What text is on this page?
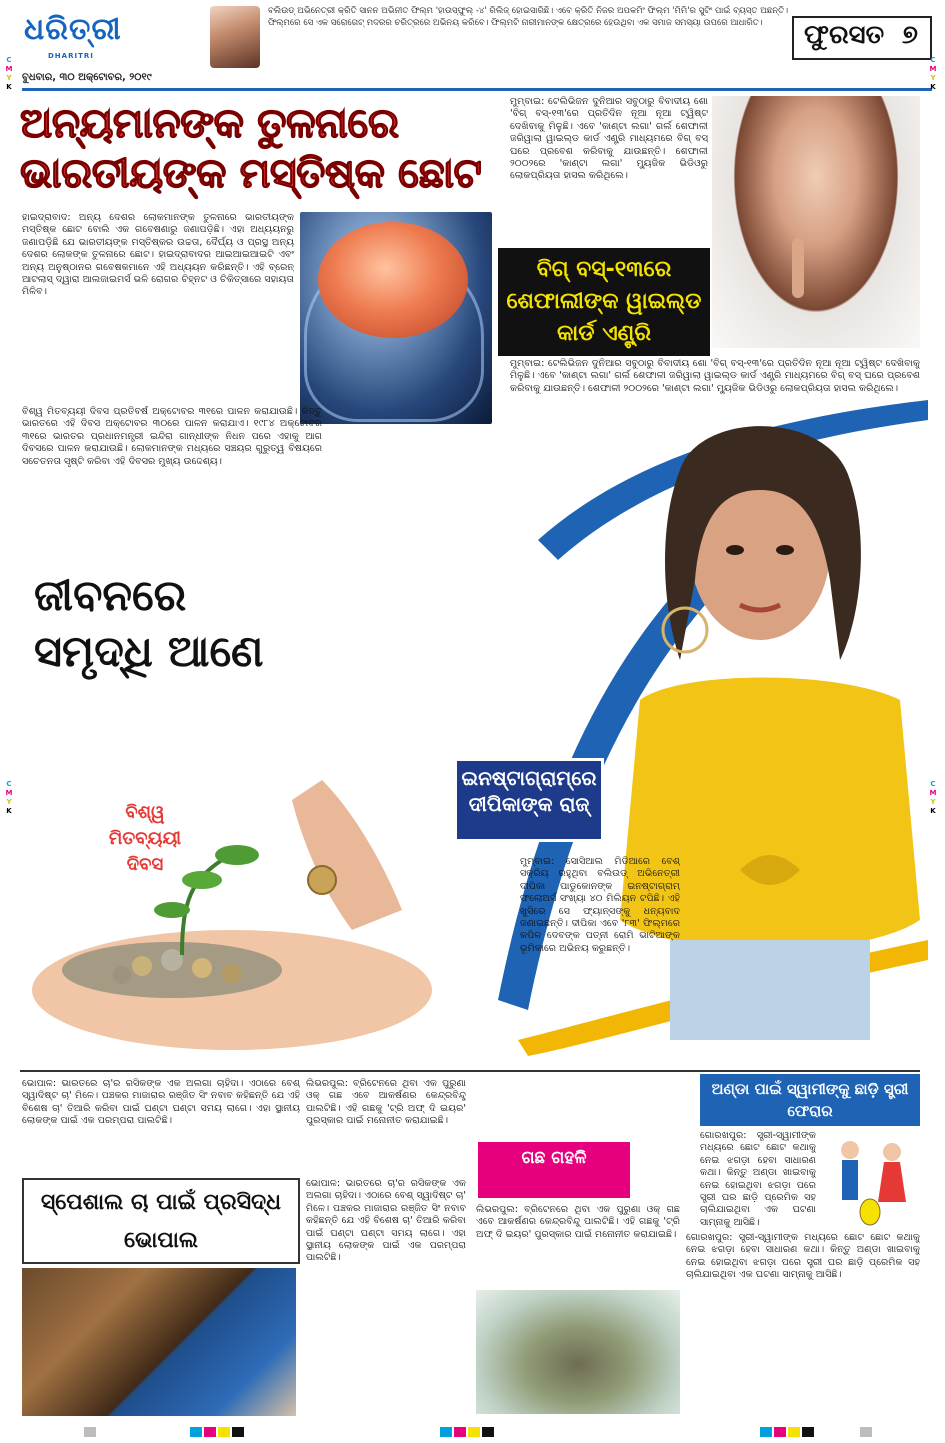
ଧରିତ୍ରୀ
DHARITRI
ବୁଧବାର, ୩୦ ଅକ୍ଟୋବର, ୨୦୧୯
ବଲିଉଡ୍ ଅଭିନେତ୍ରୀ କ୍ରିତି ସାନନ ଅଭିନୀତ ଫିଲ୍ମ 'ହାଉସ୍‌ଫୁଲ୍ -୪' ରିଲିଜ୍ ହୋଇସାରିଛି। ଏବେ କ୍ରିତି ନିଜର ଅପକମିଂ ଫିଲ୍ମ 'ମିମି'ର ସୁଟିଂ ପାଇଁ ବ୍ୟସ୍ତ ଅଛନ୍ତି। ଫିଲ୍ମରେ ସେ ଏକ ସରୋଗେଟ୍ ମଦରର ଚରିତ୍ରରେ ଅଭିନୟ କରିବେ। ଫିଲ୍ମଟି ନାରୀମାନଙ୍କ କ୍ଷେତ୍ରରେ ହେଉଥିବା ଏକ ସମାଜ ସମସ୍ୟା ଉପରେ ଆଧାରିତ।	ଫୁରସତ ୭
C
M
Y
K
C
M
Y
K
C
M
Y
K
C
M
Y
K
ଅନ୍ୟମାନଙ୍କ ତୁଳନାରେ ଭାରତୀୟଙ୍କ ମସ୍ତିଷ୍କ ଛୋଟ
ହାଇଦ୍ରାବାଦ: ଅନ୍ୟ ଦେଶର ଲୋକମାନଙ୍କ ତୁଳନାରେ ଭାରତୀୟଙ୍କ ମସ୍ତିଷ୍କ ଛୋଟ ବୋଲି ଏକ ଗବେଷଣାରୁ ଜଣାପଡ଼ିଛି। ଏହା ଅଧ୍ୟୟନରୁ ଜଣାପଡ଼ିଛି ଯେ ଭାରତୀୟଙ୍କ ମସ୍ତିଷ୍କର ଉଚ୍ଚତା, ଦୈର୍ଘ୍ୟ ଓ ପ୍ରସ୍ଥ ଅନ୍ୟ ଦେଶର ଲୋକଙ୍କ ତୁଳନାରେ ଛୋଟ। ହାଇଦ୍ରାବାଦର ଆଇଆଇଆଇଟି ଏବଂ ଅନ୍ୟ ଅନୁଷ୍ଠାନର ଗବେଷକମାନେ ଏହି ଅଧ୍ୟୟନ କରିଛନ୍ତି। ଏହି ବ୍ରେନ୍ ଆଟଲାସ୍ ଦ୍ୱାରା ଆଲଜାଇମର୍ସ ଭଳି ରୋଗର ଚିହ୍ନଟ ଓ ଚିକିତ୍ସାରେ ସହାୟତା ମିଳିବ।
ବିଶ୍ୱ ମିତବ୍ୟୟୀ ଦିବସ ପ୍ରତିବର୍ଷ ଅକ୍ଟୋବର ୩୧ରେ ପାଳନ କରାଯାଉଛି। କିନ୍ତୁ ଭାରତରେ ଏହି ଦିବସ ଅକ୍ଟୋବର ୩୦ରେ ପାଳନ କରାଯାଏ। ୧୯୮୪ ଅକ୍ଟୋବର ୩୧ରେ ଭାରତର ପ୍ରଧାନମନ୍ତ୍ରୀ ଇନ୍ଦିରା ଗାନ୍ଧୀଙ୍କ ନିଧନ ପରେ ଏହାକୁ ଆଗ ଦିବସରେ ପାଳନ କରାଯାଉଛି। ଲୋକମାନଙ୍କ ମଧ୍ୟରେ ସଞ୍ଚୟର ଗୁରୁତ୍ୱ ବିଷୟରେ ସଚେତନତା ସୃଷ୍ଟି କରିବା ଏହି ଦିବସର ମୁଖ୍ୟ ଉଦ୍ଦେଶ୍ୟ।
ଜୀବନରେ ସମୃଦ୍ଧି ଆଣେ
ବିଶ୍ୱ ମିତବ୍ୟୟୀ ଦିବସ
ମୁମ୍ବାଇ: ଟେଲିଭିଜନ ଦୁନିଆର ସବୁଠାରୁ ବିବାଦୀୟ ଶୋ 'ବିଗ୍ ବସ୍-୧୩'ରେ ପ୍ରତିଦିନ ନୂଆ ନୂଆ ଟ୍ୱିଷ୍ଟ ଦେଖିବାକୁ ମିଳୁଛି। ଏବେ 'କାଣ୍ଟା ଲଗା' ଗର୍ଲ ଶେଫାଳୀ ଜରିୱାଲା ୱାଇଲ୍ଡ କାର୍ଡ ଏଣ୍ଟ୍ରି ମାଧ୍ୟମରେ ବିଗ୍ ବସ୍ ଘରେ ପ୍ରବେଶ କରିବାକୁ ଯାଉଛନ୍ତି। ଶେଫାଳୀ ୨୦୦୨ରେ 'କାଣ୍ଟା ଲଗା' ମ୍ୟୁଜିକ ଭିଡିଓରୁ ଲୋକପ୍ରିୟତା ହାସଲ କରିଥିଲେ।
ବିଗ୍ ବସ୍-୧୩ରେ ଶେଫାଲୀଙ୍କ ୱାଇଲ୍ଡ କାର୍ଡ ଏଣ୍ଟ୍ରି
ମୁମ୍ବାଇ: ଟେଲିଭିଜନ ଦୁନିଆର ସବୁଠାରୁ ବିବାଦୀୟ ଶୋ 'ବିଗ୍ ବସ୍-୧୩'ରେ ପ୍ରତିଦିନ ନୂଆ ନୂଆ ଟ୍ୱିଷ୍ଟ ଦେଖିବାକୁ ମିଳୁଛି। ଏବେ 'କାଣ୍ଟା ଲଗା' ଗର୍ଲ ଶେଫାଳୀ ଜରିୱାଲା ୱାଇଲ୍ଡ କାର୍ଡ ଏଣ୍ଟ୍ରି ମାଧ୍ୟମରେ ବିଗ୍ ବସ୍ ଘରେ ପ୍ରବେଶ କରିବାକୁ ଯାଉଛନ୍ତି। ଶେଫାଳୀ ୨୦୦୨ରେ 'କାଣ୍ଟା ଲଗା' ମ୍ୟୁଜିକ ଭିଡିଓରୁ ଲୋକପ୍ରିୟତା ହାସଲ କରିଥିଲେ।
ଇନଷ୍ଟାଗ୍ରାମ୍‌ରେ ଦୀପିକାଙ୍କ ରାଜ୍
ମୁମ୍ବାଇ: ସୋସିଆଲ ମିଡିଆରେ ବେଶ୍ ସକ୍ରିୟ ରହୁଥିବା ବଲିଉଡ୍ ଅଭିନେତ୍ରୀ ଦୀପିକା ପାଡୁକୋନଙ୍କ ଇନଷ୍ଟାଗ୍ରାମ୍ ଫଲୋଅର୍ସ ସଂଖ୍ୟା ୪୦ ମିଲିୟନ ଟପିଛି। ଏହି ଖୁସିରେ ସେ ଫ୍ୟାନ୍ସଙ୍କୁ ଧନ୍ୟବାଦ ଜଣାଇଛନ୍ତି। ଦୀପିକା ଏବେ '୮୩' ଫିଲ୍ମରେ କପିଳ ଦେବଙ୍କ ପତ୍ନୀ ରୋମି ଭାଟିଆଙ୍କ ଭୂମିକାରେ ଅଭିନୟ କରୁଛନ୍ତି।
ଭୋପାଳ: ଭାରତରେ ଚା'ର ରସିକଙ୍କ ଏକ ଅଲଗା ଚାହିଦା। ଏଠାରେ ବେଶ୍ ସ୍ୱାଦିଷ୍ଟ ଚା' ମିଳେ। ପଞ୍ଚକର ମାଜାରାର ରଞ୍ଜିତ ସିଂ ନବାବ କହିଛନ୍ତି ଯେ ଏହି ବିଶେଷ ଚା' ତିଆରି କରିବା ପାଇଁ ଘଣ୍ଟା ଘଣ୍ଟା ସମୟ ଲାଗେ। ଏହା ସ୍ଥାନୀୟ ଲୋକଙ୍କ ପାଇଁ ଏକ ପରମ୍ପରା ପାଲଟିଛି।
ସ୍ପେଶାଲ ଚା ପାଇଁ ପ୍ରସିଦ୍ଧ ଭୋପାଲ
ଭୋପାଳ: ଭାରତରେ ଚା'ର ରସିକଙ୍କ ଏକ ଅଲଗା ଚାହିଦା। ଏଠାରେ ବେଶ୍ ସ୍ୱାଦିଷ୍ଟ ଚା' ମିଳେ। ପଞ୍ଚକର ମାଜାରାର ରଞ୍ଜିତ ସିଂ ନବାବ କହିଛନ୍ତି ଯେ ଏହି ବିଶେଷ ଚା' ତିଆରି କରିବା ପାଇଁ ଘଣ୍ଟା ଘଣ୍ଟା ସମୟ ଲାଗେ। ଏହା ସ୍ଥାନୀୟ ଲୋକଙ୍କ ପାଇଁ ଏକ ପରମ୍ପରା ପାଲଟିଛି।
ଲିଭରପୁଲ: ବ୍ରିଟେନରେ ଥିବା ଏକ ପୁରୁଣା ଓକ୍ ଗଛ ଏବେ ଆକର୍ଷଣର କେନ୍ଦ୍ରବିନ୍ଦୁ ପାଲଟିଛି। ଏହି ଗଛକୁ 'ଟ୍ରି ଅଫ୍ ଦି ଇୟର' ପୁରସ୍କାର ପାଇଁ ମନୋନୀତ କରାଯାଇଛି।
ଗଛ ଗହଳି
ଲିଭରପୁଲ: ବ୍ରିଟେନରେ ଥିବା ଏକ ପୁରୁଣା ଓକ୍ ଗଛ ଏବେ ଆକର୍ଷଣର କେନ୍ଦ୍ରବିନ୍ଦୁ ପାଲଟିଛି। ଏହି ଗଛକୁ 'ଟ୍ରି ଅଫ୍ ଦି ଇୟର' ପୁରସ୍କାର ପାଇଁ ମନୋନୀତ କରାଯାଇଛି।
ଅଣ୍ଡା ପାଇଁ ସ୍ୱାମୀଙ୍କୁ ଛାଡ଼ି ସ୍ତ୍ରୀ ଫେରାର
ଗୋରଖପୁର: ସ୍ତ୍ରୀ-ସ୍ୱାମୀଙ୍କ ମଧ୍ୟରେ ଛୋଟ ଛୋଟ କଥାକୁ ନେଇ ଝଗଡ଼ା ହେବା ସାଧାରଣ କଥା। କିନ୍ତୁ ଅଣ୍ଡା ଖାଇବାକୁ ନେଇ ହୋଇଥିବା ଝଗଡ଼ା ପରେ ସ୍ତ୍ରୀ ଘର ଛାଡ଼ି ପ୍ରେମିକ ସହ ଚାଲିଯାଇଥିବା ଏକ ଘଟଣା ସାମ୍ନାକୁ ଆସିଛି।
ଗୋରଖପୁର: ସ୍ତ୍ରୀ-ସ୍ୱାମୀଙ୍କ ମଧ୍ୟରେ ଛୋଟ ଛୋଟ କଥାକୁ ନେଇ ଝଗଡ଼ା ହେବା ସାଧାରଣ କଥା। କିନ୍ତୁ ଅଣ୍ଡା ଖାଇବାକୁ ନେଇ ହୋଇଥିବା ଝଗଡ଼ା ପରେ ସ୍ତ୍ରୀ ଘର ଛାଡ଼ି ପ୍ରେମିକ ସହ ଚାଲିଯାଇଥିବା ଏକ ଘଟଣା ସାମ୍ନାକୁ ଆସିଛି।
